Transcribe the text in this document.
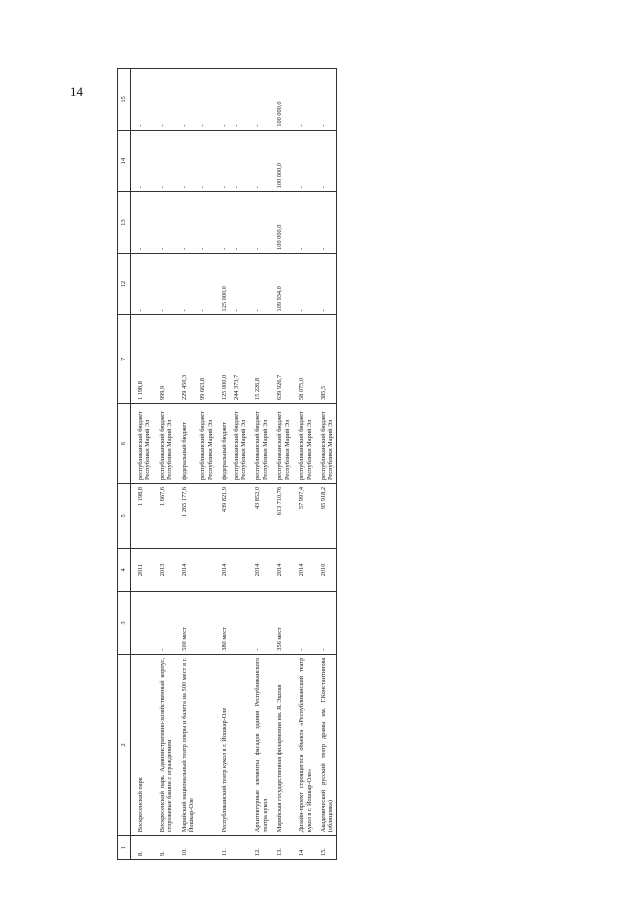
14
1	2	3	4	5	6	7	12	13	14	15
8.	Воскресенский парк		2011	1 198,8	республиканский бюджет Республики Марий Эл	1 198,8	-	-	-	-
9.	Воскресенский парк. Административно-хозяйственный корпус, сторожевые башни с ограждением	-	2013	1 667,6	республиканский бюджет Республики Марий Эл	999,9	-	-	-	-
10.	Марийский национальный театр оперы и балета на 500 мест в г. Йошкар-Оле	500 мест	2014	1 265 177,6	федеральный бюджет	229 450,3	-	-	-	-
					республиканский бюджет Республики Марий Эл	99 663,8	-	-	-	-
11.	Республиканский театр кукол в г. Йошкар-Оле	380 мест	2014	439 821,9	федеральный бюджет	125 000,0	125 000,0	-	-	-
					республиканский бюджет Республики Марий Эл	244 373,7	-	-	-	-
12.	Архитектурные элементы фасадов здания Республиканского театра кукол	-	2014	43 852,0	республиканский бюджет Республики Марий Эл	15 226,8	-	-	-	-
13.	Марийская государственная филармония им. Я. Эшпая	356 мест	2014	613 710,76	республиканский бюджет Республики Марий Эл	639 926,7	109 934,0	100 000,0	100 000,0	100 000,0
14	Дизайн-проект строящегося объекта «Республиканский театр кукол в г. Йошкар-Оле»	-	2014	57 997,4	республиканский бюджет Республики Марий Эл	58 075,0	-	-	-	-
15.	Академический русский театр драмы им. Г.Константинова (облицовка)	-	2010	95 918,2	республиканский бюджет Республики Марий Эл	385,5	-	-	-	-
